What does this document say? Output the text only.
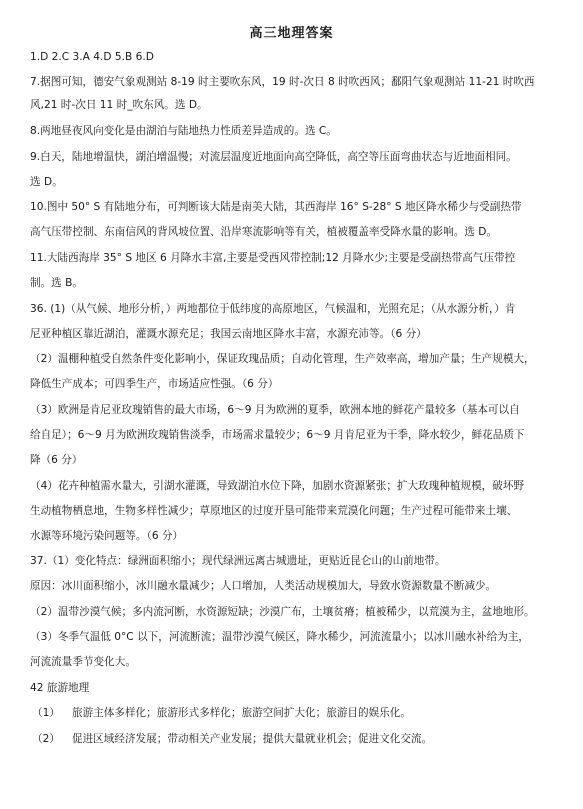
高三地理答案
1.D 2.C 3.A 4.D 5.B 6.D
7.据图可知，德安气象观测站 8-19 时主要吹东风，19 时-次日 8 时吹西风；鄱阳气象观测站 11-21 时吹西
风,21 时-次日 11 时_吹东风。选 D。
8.两地昼夜风向变化是由湖泊与陆地热力性质差异造成的。选 C。
9.白天，陆地增温快，湖泊增温慢；对流层温度近地面向高空降低，高空等压面弯曲状态与近地面相同。
选 D。
10.图中 50° S 有陆地分布，可判断该大陆是南美大陆，其西海岸 16° S-28° S 地区降水稀少与受副热带
高气压带控制、东南信风的背风坡位置、沿岸寒流影响等有关，植被覆盖率受降水量的影响。选 D。
11.大陆西海岸 35° S 地区 6 月降水丰富,主要是受西风带控制;12 月降水少;主要是受副热带高气压带控
制。选 B。
36. (1)（从气候、地形分析，）两地都位于低纬度的高原地区，气候温和，光照充足；（从水源分析，）肯
尼亚种植区靠近湖泊，灌溉水源充足；我国云南地区降水丰富，水源充沛等。（6 分）
（2）温棚种植受自然条件变化影响小，保证玫瑰品质；自动化管理，生产效率高，增加产量；生产规模大，
降低生产成本；可四季生产，市场适应性强。（6 分）
（3）欧洲是肯尼亚玫瑰销售的最大市场，6～9 月为欧洲的夏季，欧洲本地的鲜花产量较多（基本可以自
给自足）；6～9 月为欧洲玫瑰销售淡季，市场需求量较少；6～9 月肯尼亚为干季，降水较少，鲜花品质下
降（6 分）
（4）花卉种植需水量大，引湖水灌溉，导致湖泊水位下降，加剧水资源紧张；扩大玫瑰种植规模，破坏野
生动植物栖息地，生物多样性减少；草原地区的过度开垦可能带来荒漠化问题；生产过程可能带来土壤、
水源等环境污染问题等。（6 分）
37.（1）变化特点：绿洲面积缩小；现代绿洲远离古城遗址，更贴近昆仑山的山前地带。
原因：冰川面积缩小，冰川融水量减少；人口增加，人类活动规模加大，导致水资源数量不断减少。
（2）温带沙漠气候；多内流河断，水资源短缺；沙漠广布，土壤贫瘠；植被稀少，以荒漠为主，盆地地形。
（3）冬季气温低 0°C 以下，河流断流；温带沙漠气候区，降水稀少，河流流量小；以冰川融水补给为主，
河流流量季节变化大。
42 旅游地理
（1） 旅游主体多样化；旅游形式多样化；旅游空间扩大化；旅游目的娱乐化。
（2） 促进区域经济发展；带动相关产业发展；提供大量就业机会；促进文化交流。
